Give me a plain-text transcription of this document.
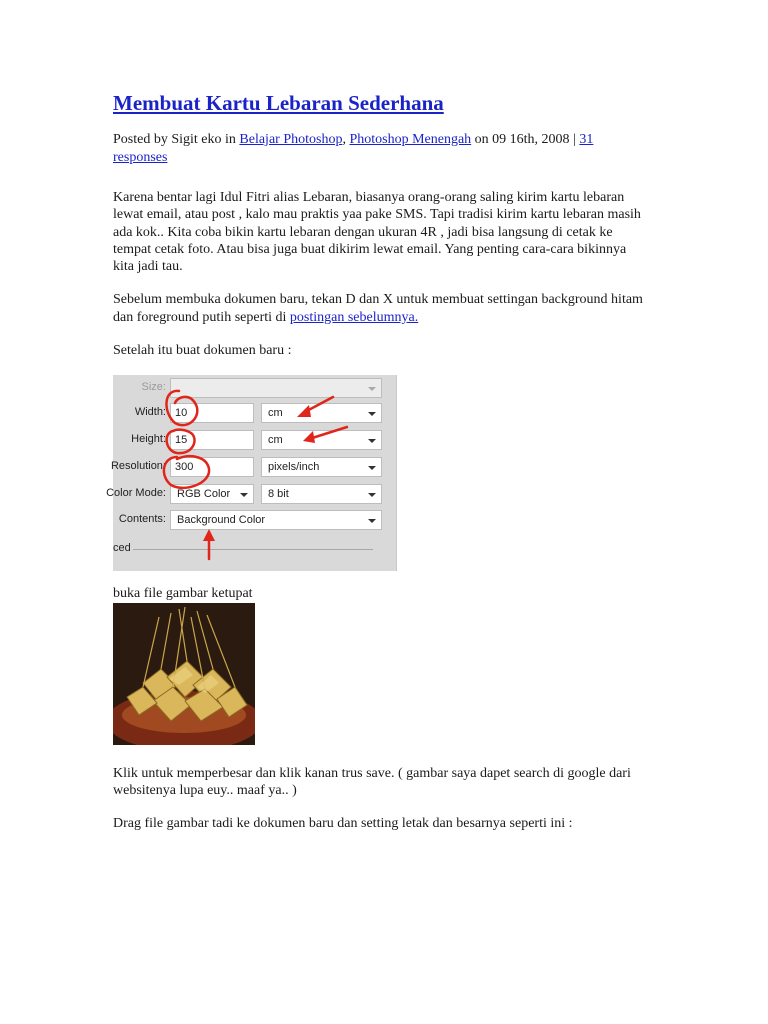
Membuat Kartu Lebaran Sederhana

Posted by Sigit eko in Belajar Photoshop, Photoshop Menengah on 09 16th, 2008 | 31 responses

Karena bentar lagi Idul Fitri alias Lebaran, biasanya orang-orang saling kirim kartu lebaran lewat email, atau post , kalo mau praktis yaa pake SMS. Tapi tradisi kirim kartu lebaran masih ada kok.. Kita coba bikin kartu lebaran dengan ukuran 4R , jadi bisa langsung di cetak ke tempat cetak foto. Atau bisa juga buat dikirim lewat email. Yang penting cara-cara bikinnya kita jadi tau.

Sebelum membuka dokumen baru, tekan D dan X untuk membuat settingan background hitam dan foreground putih seperti di postingan sebelumnya.

Setelah itu buat dokumen baru :

Size:
Width: 10	cm
Height: 15	cm
Resolution: 300	pixels/inch
Color Mode:	RGB Color	8 bit
Contents:	Background Color
ced

buka file gambar ketupat

Klik untuk memperbesar dan klik kanan trus save. ( gambar saya dapet search di google dari websitenya lupa euy.. maaf ya.. )

Drag file gambar tadi ke dokumen baru dan setting letak dan besarnya seperti ini :
